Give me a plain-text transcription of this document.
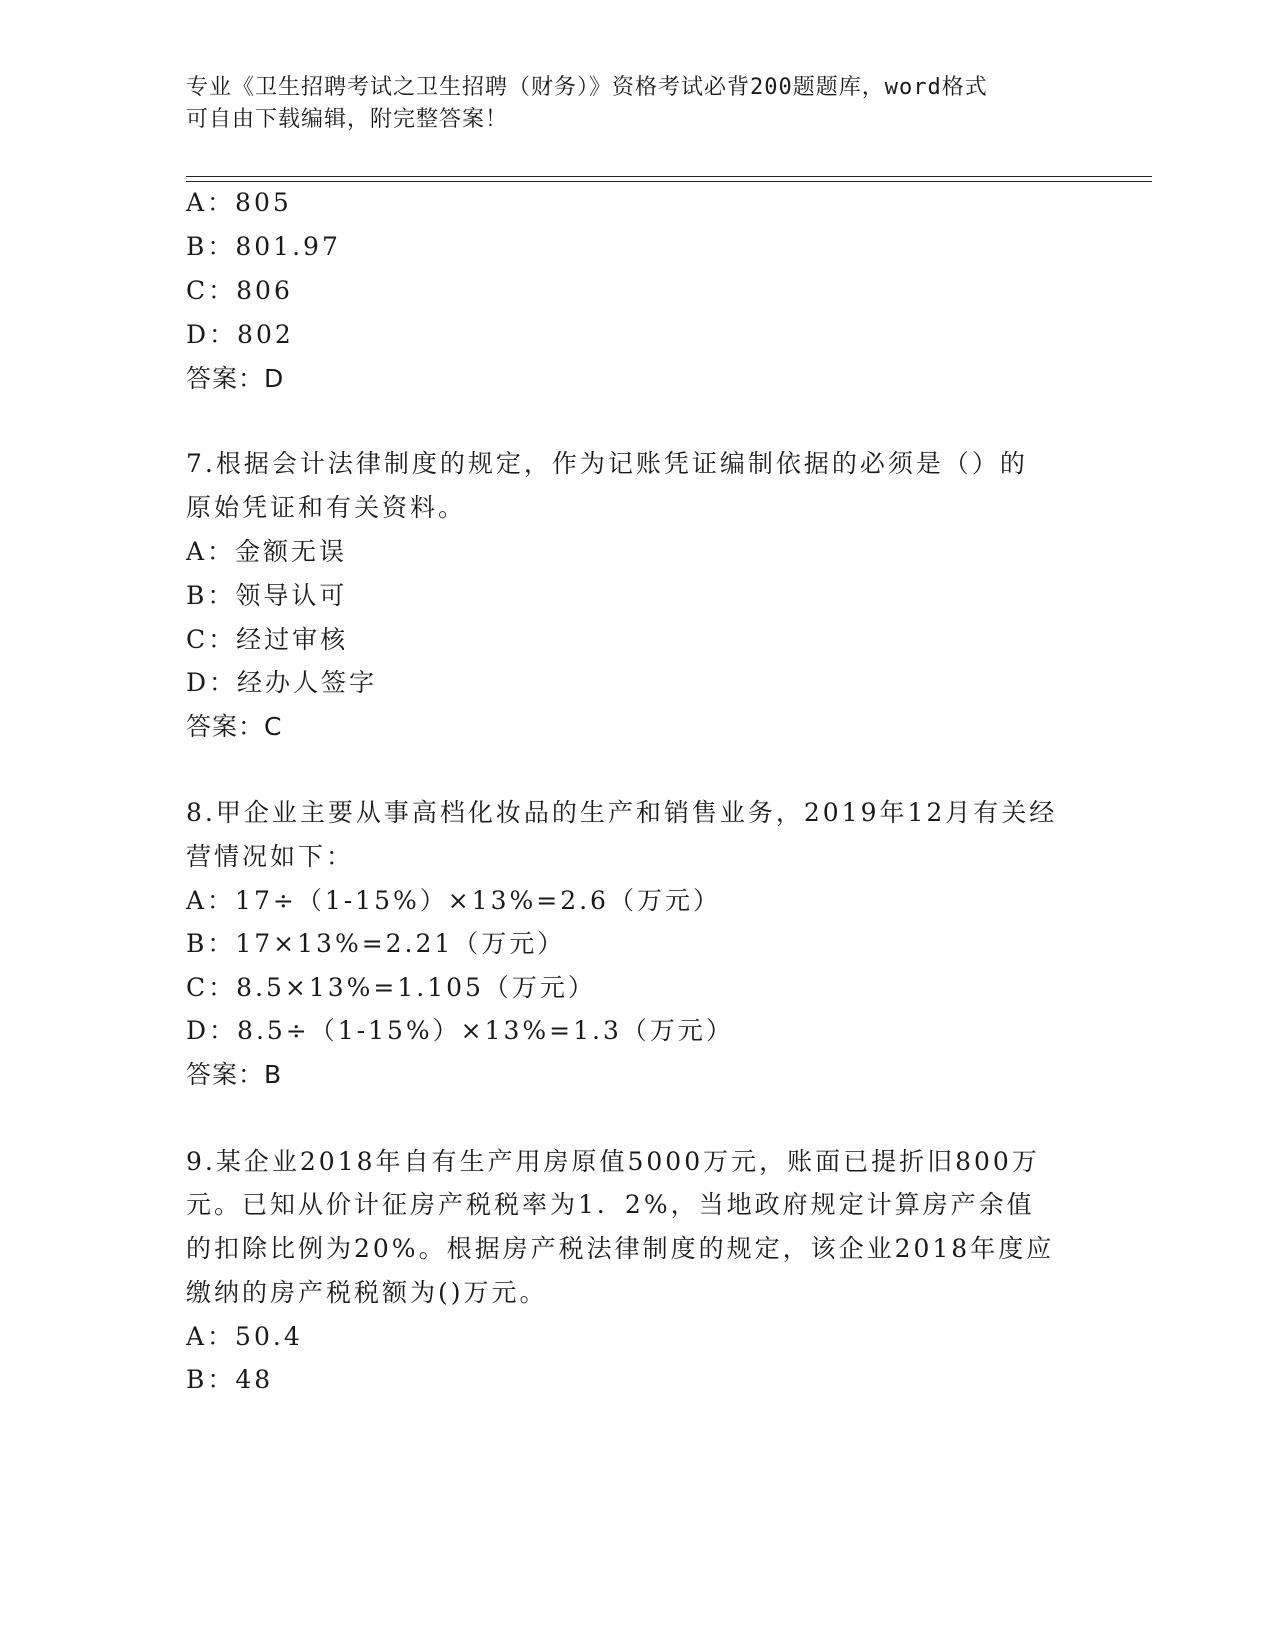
专业《卫生招聘考试之卫生招聘（财务）》资格考试必背200题题库，word格式
可自由下载编辑，附完整答案！
A：805
B：801.97
C：806
D：802
答案：D
7.根据会计法律制度的规定，作为记账凭证编制依据的必须是（）的
原始凭证和有关资料。
A：金额无误
B：领导认可
C：经过审核
D：经办人签字
答案：C
8.甲企业主要从事高档化妆品的生产和销售业务，2019年12月有关经
营情况如下：
A：17÷（1-15%）×13%=2.6（万元）
B：17×13%=2.21（万元）
C：8.5×13%=1.105（万元）
D：8.5÷（1-15%）×13%=1.3（万元）
答案：B
9.某企业2018年自有生产用房原值5000万元，账面已提折旧800万
元。已知从价计征房产税税率为1．2%，当地政府规定计算房产余值
的扣除比例为20%。根据房产税法律制度的规定，该企业2018年度应
缴纳的房产税税额为()万元。
A：50.4
B：48
